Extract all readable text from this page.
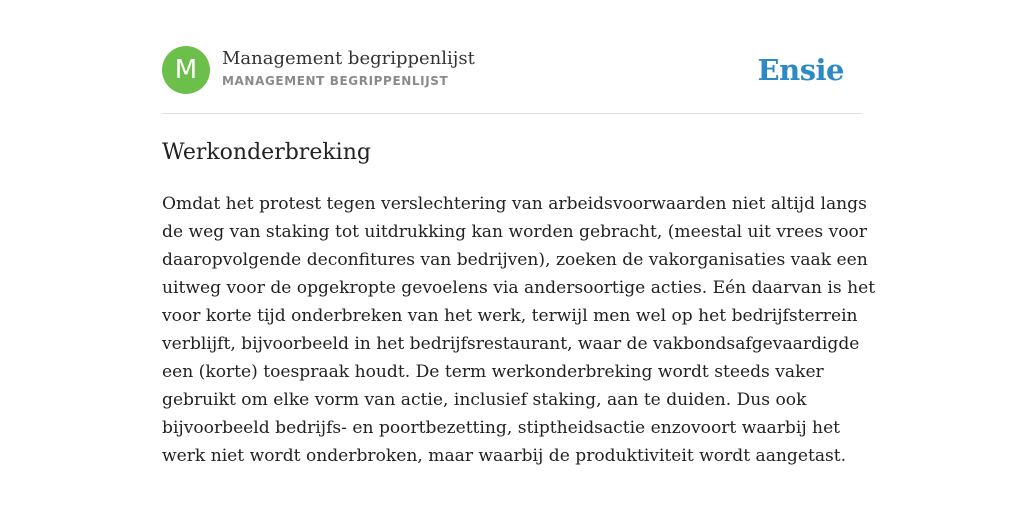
M Management begrippenlijst
MANAGEMENT BEGRIPPENLIJST	Ensie
Werkonderbreking

Omdat het protest tegen verslechtering van arbeidsvoorwaarden niet altijd langs
de weg van staking tot uitdrukking kan worden gebracht, (meestal uit vrees voor
daaropvolgende deconfitures van bedrijven), zoeken de vakorganisaties vaak een
uitweg voor de opgekropte gevoelens via andersoortige acties. Eén daarvan is het
voor korte tijd onderbreken van het werk, terwijl men wel op het bedrijfsterrein
verblijft, bijvoorbeeld in het bedrijfsrestaurant, waar de vakbondsafgevaardigde
een (korte) toespraak houdt. De term werkonderbreking wordt steeds vaker
gebruikt om elke vorm van actie, inclusief staking, aan te duiden. Dus ook
bijvoorbeeld bedrijfs- en poortbezetting, stiptheidsactie enzovoort waarbij het
werk niet wordt onderbroken, maar waarbij de produktiviteit wordt aangetast.
